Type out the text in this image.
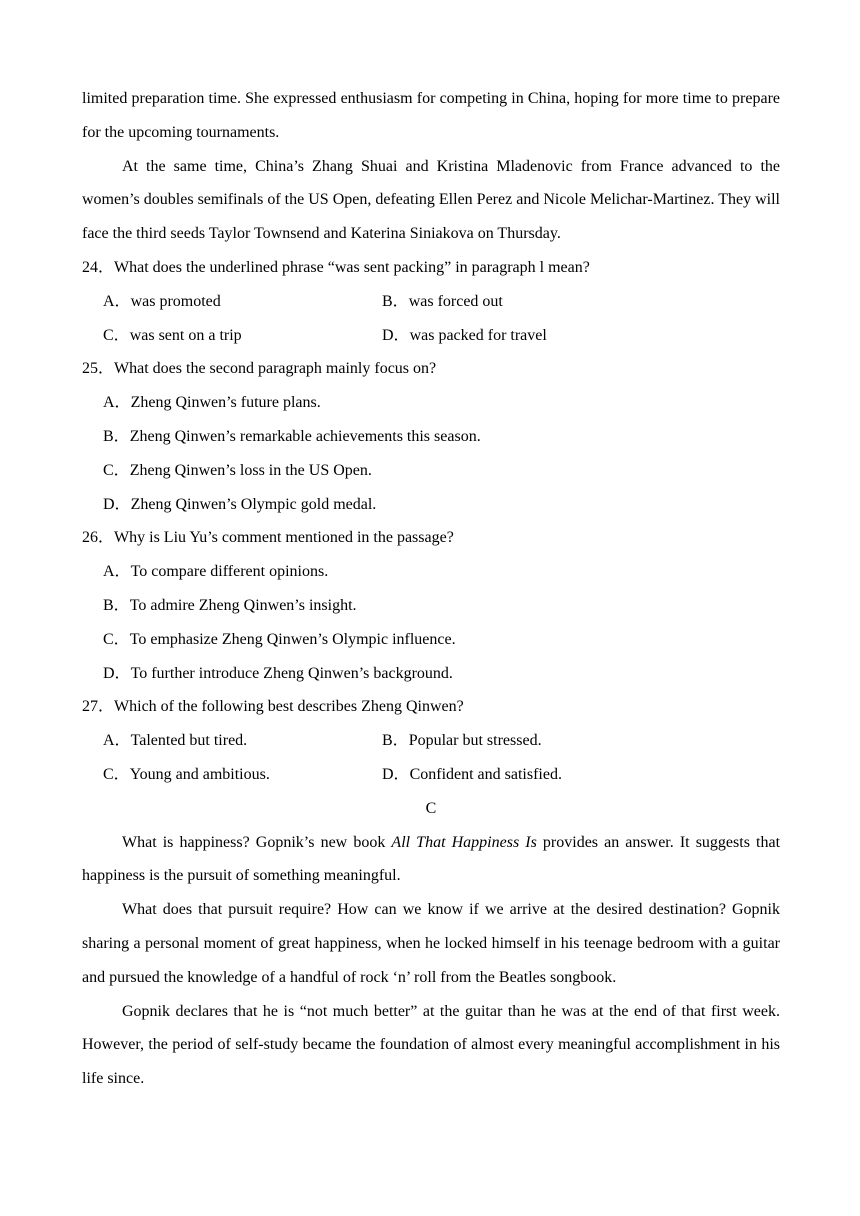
limited preparation time. She expressed enthusiasm for competing in China, hoping for more time to prepare for the upcoming tournaments.

At the same time, China’s Zhang Shuai and Kristina Mladenovic from France advanced to the women’s doubles semifinals of the US Open, defeating Ellen Perez and Nicole Melichar-Martinez. They will face the third seeds Taylor Townsend and Katerina Siniakova on Thursday.

24．What does the underlined phrase “was sent packing” in paragraph l mean?
A．was promoted	B．was forced out
C．was sent on a trip	D．was packed for travel
25．What does the second paragraph mainly focus on?
A．Zheng Qinwen’s future plans.
B．Zheng Qinwen’s remarkable achievements this season.
C．Zheng Qinwen’s loss in the US Open.
D．Zheng Qinwen’s Olympic gold medal.
26．Why is Liu Yu’s comment mentioned in the passage?
A．To compare different opinions.
B．To admire Zheng Qinwen’s insight.
C．To emphasize Zheng Qinwen’s Olympic influence.
D．To further introduce Zheng Qinwen’s background.
27．Which of the following best describes Zheng Qinwen?
A．Talented but tired.	B．Popular but stressed.
C．Young and ambitious.	D．Confident and satisfied.
C

What is happiness? Gopnik’s new book All That Happiness Is provides an answer. It suggests that happiness is the pursuit of something meaningful.

What does that pursuit require? How can we know if we arrive at the desired destination? Gopnik sharing a personal moment of great happiness, when he locked himself in his teenage bedroom with a guitar and pursued the knowledge of a handful of rock ‘n’ roll from the Beatles songbook.

Gopnik declares that he is “not much better” at the guitar than he was at the end of that first week. However, the period of self-study became the foundation of almost every meaningful accomplishment in his life since.
